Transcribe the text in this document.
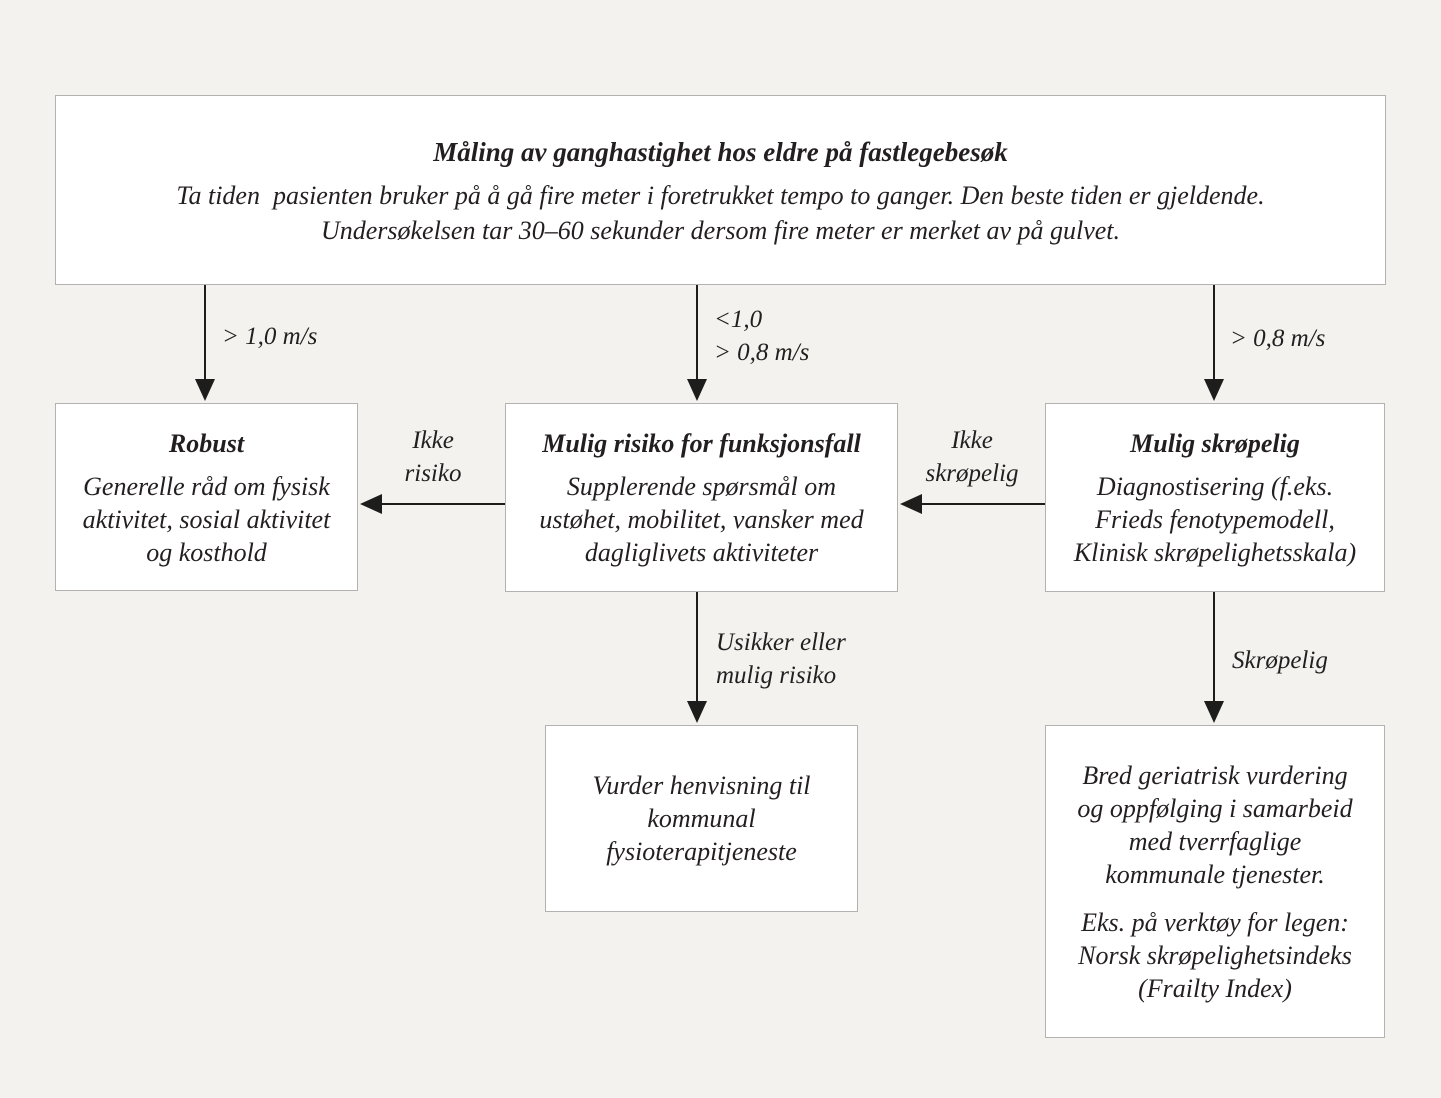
Måling av ganghastighet hos eldre på fastlegebesøk
Ta tiden  pasienten bruker på å gå fire meter i foretrukket tempo to ganger. Den beste tiden er gjeldende.
Undersøkelsen tar 30–60 sekunder dersom fire meter er merket av på gulvet.
> 1,0 m/s
<1,0
> 0,8 m/s
> 0,8 m/s
Robust
Generelle råd om fysisk
aktivitet, sosial aktivitet
og kosthold
Mulig risiko for funksjonsfall
Supplerende spørsmål om
ustøhet, mobilitet, vansker med
dagliglivets aktiviteter
Mulig skrøpelig
Diagnostisering (f.eks.
Frieds fenotypemodell,
Klinisk skrøpelighetsskala)
Ikke
risiko
Ikke
skrøpelig
Usikker eller
mulig risiko
Skrøpelig
Vurder henvisning til
kommunal
fysioterapitjeneste
Bred geriatrisk vurdering
og oppfølging i samarbeid
med tverrfaglige
kommunale tjenester.
Eks. på verktøy for legen:
Norsk skrøpelighetsindeks
(Frailty Index)
